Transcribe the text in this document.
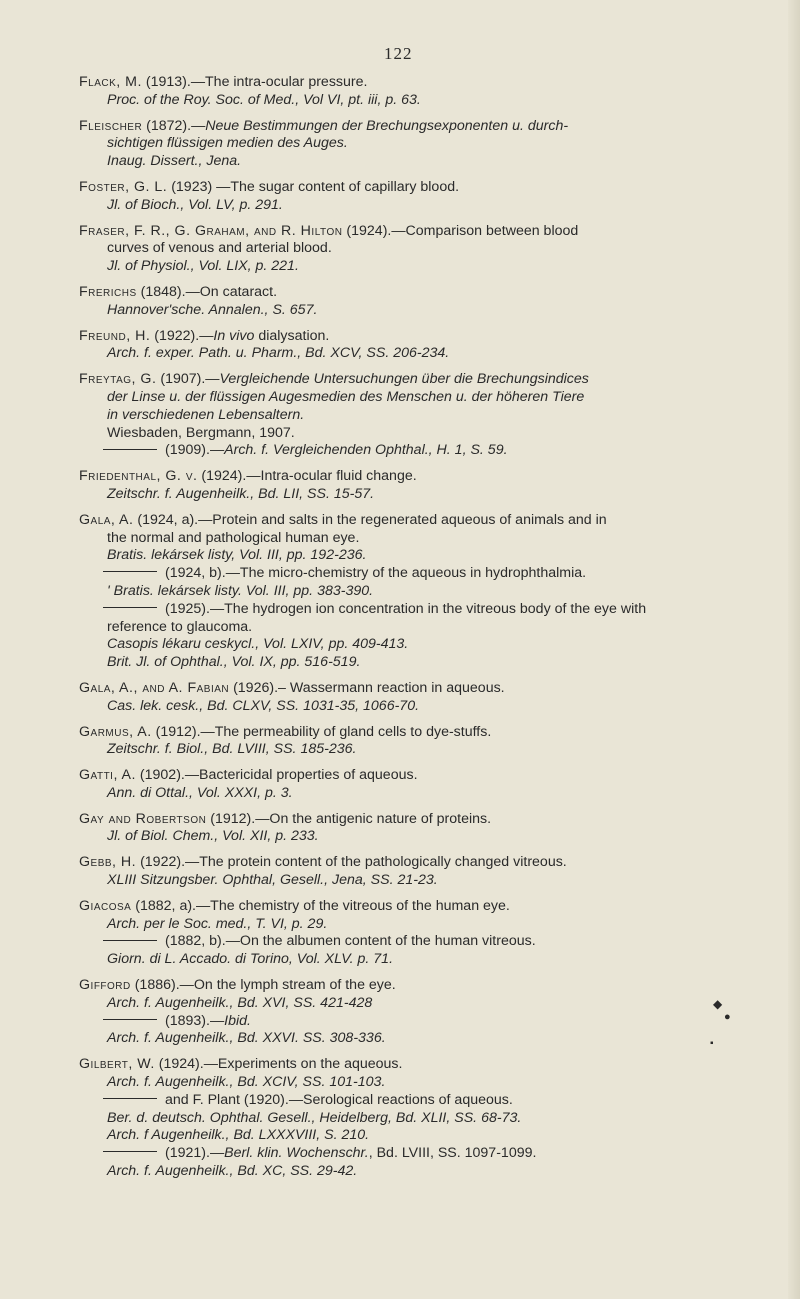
122
Flack, M. (1913).—The intra-ocular pressure.
Proc. of the Roy. Soc. of Med., Vol VI, pt. iii, p. 63.
Fleischer (1872).—Neue Bestimmungen der Brechungsexponenten u. durch-
sichtigen flüssigen medien des Auges.
Inaug. Dissert., Jena.
Foster, G. L. (1923) —The sugar content of capillary blood.
Jl. of Bioch., Vol. LV, p. 291.
Fraser, F. R., G. Graham, and R. Hilton (1924).—Comparison between blood
curves of venous and arterial blood.
Jl. of Physiol., Vol. LIX, p. 221.
Frerichs (1848).—On cataract.
Hannover'sche. Annalen., S. 657.
Freund, H. (1922).—In vivo dialysation.
Arch. f. exper. Path. u. Pharm., Bd. XCV, SS. 206-234.
Freytag, G. (1907).—Vergleichende Untersuchungen über die Brechungsindices
der Linse u. der flüssigen Augesmedien des Menschen u. der höheren Tiere
in verschiedenen Lebensaltern.
Wiesbaden, Bergmann, 1907.
(1909).—Arch. f. Vergleichenden Ophthal., H. 1, S. 59.
Friedenthal, G. v. (1924).—Intra-ocular fluid change.
Zeitschr. f. Augenheilk., Bd. LII, SS. 15-57.
Gala, A. (1924, a).—Protein and salts in the regenerated aqueous of animals and in
the normal and pathological human eye.
Bratis. lekársek listy, Vol. III, pp. 192-236.
(1924, b).—The micro-chemistry of the aqueous in hydrophthalmia.
' Bratis. lekársek listy. Vol. III, pp. 383-390.
(1925).—The hydrogen ion concentration in the vitreous body of the eye with
reference to glaucoma.
Casopis lékaru ceskycl., Vol. LXIV, pp. 409-413.
Brit. Jl. of Ophthal., Vol. IX, pp. 516-519.
Gala, A., and A. Fabian (1926).– Wassermann reaction in aqueous.
Cas. lek. cesk., Bd. CLXV, SS. 1031-35, 1066-70.
Garmus, A. (1912).—The permeability of gland cells to dye-stuffs.
Zeitschr. f. Biol., Bd. LVIII, SS. 185-236.
Gatti, A. (1902).—Bactericidal properties of aqueous.
Ann. di Ottal., Vol. XXXI, p. 3.
Gay and Robertson (1912).—On the antigenic nature of proteins.
Jl. of Biol. Chem., Vol. XII, p. 233.
Gebb, H. (1922).—The protein content of the pathologically changed vitreous.
XLIII Sitzungsber. Ophthal, Gesell., Jena, SS. 21-23.
Giacosa (1882, a).—The chemistry of the vitreous of the human eye.
Arch. per le Soc. med., T. VI, p. 29.
(1882, b).—On the albumen content of the human vitreous.
Giorn. di L. Accado. di Torino, Vol. XLV. p. 71.
Gifford (1886).—On the lymph stream of the eye.
Arch. f. Augenheilk., Bd. XVI, SS. 421-428
(1893).—Ibid.
Arch. f. Augenheilk., Bd. XXVI. SS. 308-336.
Gilbert, W. (1924).—Experiments on the aqueous.
Arch. f. Augenheilk., Bd. XCIV, SS. 101-103.
and F. Plant (1920).—Serological reactions of aqueous.
Ber. d. deutsch. Ophthal. Gesell., Heidelberg, Bd. XLII, SS. 68-73.
Arch. f Augenheilk., Bd. LXXXVIII, S. 210.
(1921).—Berl. klin. Wochenschr., Bd. LVIII, SS. 1097-1099.
Arch. f. Augenheilk., Bd. XC, SS. 29-42.
◆
●
▪
